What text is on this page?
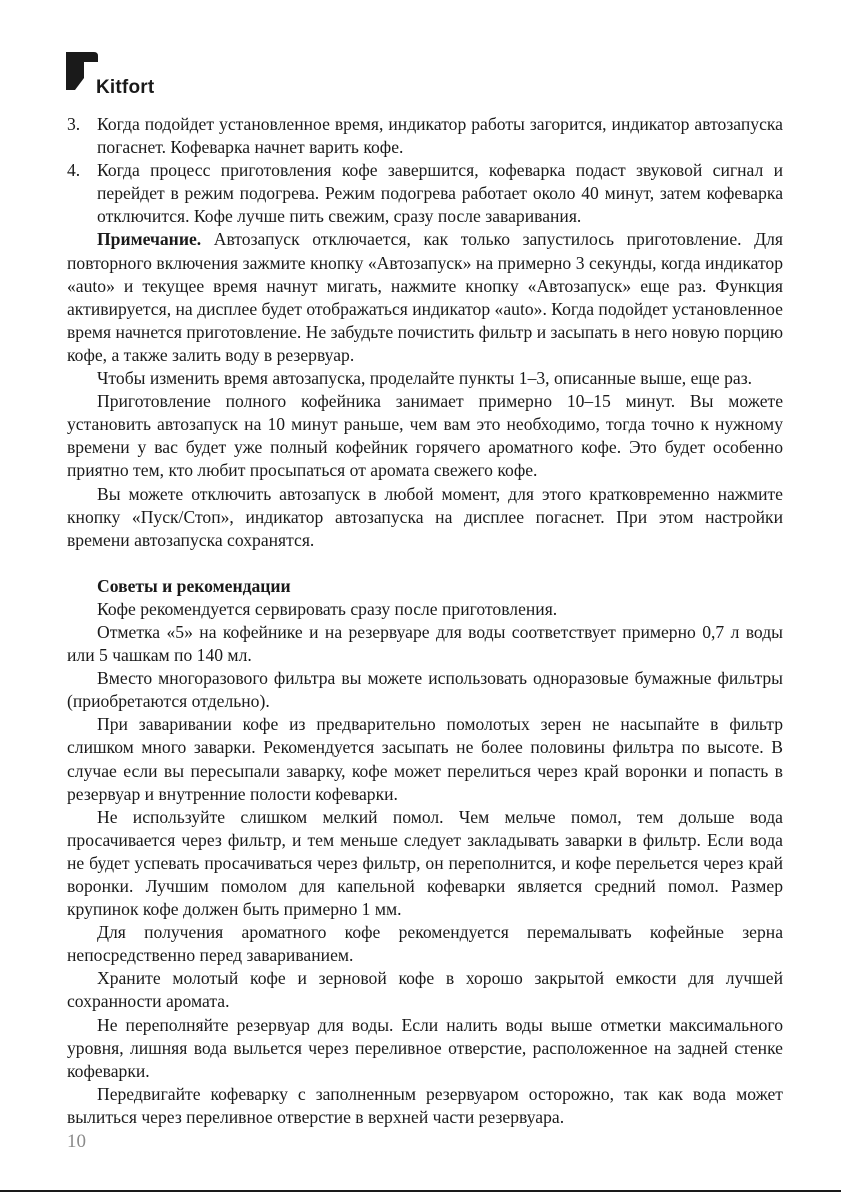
Kitfort

3. Когда подойдет установленное время, индикатор работы загорится, индикатор автозапуска погаснет. Кофеварка начнет варить кофе.

4. Когда процесс приготовления кофе завершится, кофеварка подаст звуковой сигнал и перейдет в режим подогрева. Режим подогрева работает около 40 минут, затем кофеварка отключится. Кофе лучше пить свежим, сразу после заваривания.

Примечание. Автозапуск отключается, как только запустилось приготовление. Для повторного включения зажмите кнопку «Автозапуск» на примерно 3 секунды, когда индикатор «auto» и текущее время начнут мигать, нажмите кнопку «Автозапуск» еще раз. Функция активируется, на дисплее будет отображаться индикатор «auto». Когда подойдет установленное время начнется приготовление. Не забудьте почистить фильтр и засыпать в него новую порцию кофе, а также залить воду в резервуар.

Чтобы изменить время автозапуска, проделайте пункты 1–3, описанные выше, еще раз.

Приготовление полного кофейника занимает примерно 10–15 минут. Вы можете установить автозапуск на 10 минут раньше, чем вам это необходимо, тогда точно к нужному времени у вас будет уже полный кофейник горячего ароматного кофе. Это будет особенно приятно тем, кто любит просыпаться от аромата свежего кофе.

Вы можете отключить автозапуск в любой момент, для этого кратковременно нажмите кнопку «Пуск/Стоп», индикатор автозапуска на дисплее погаснет. При этом настройки времени автозапуска сохранятся.

Советы и рекомендации

Кофе рекомендуется сервировать сразу после приготовления.

Отметка «5» на кофейнике и на резервуаре для воды соответствует примерно 0,7 л воды или 5 чашкам по 140 мл.

Вместо многоразового фильтра вы можете использовать одноразовые бумажные фильтры (приобретаются отдельно).

При заваривании кофе из предварительно помолотых зерен не насыпайте в фильтр слишком много заварки. Рекомендуется засыпать не более половины фильтра по высоте. В случае если вы пересыпали заварку, кофе может перелиться через край воронки и попасть в резервуар и внутренние полости кофеварки.

Не используйте слишком мелкий помол. Чем мельче помол, тем дольше вода просачивается через фильтр, и тем меньше следует закладывать заварки в фильтр. Если вода не будет успевать просачиваться через фильтр, он переполнится, и кофе перельется через край воронки. Лучшим помолом для капельной кофеварки является средний помол. Размер крупинок кофе должен быть примерно 1 мм.

Для получения ароматного кофе рекомендуется перемалывать кофейные зерна непосредственно перед завариванием.

Храните молотый кофе и зерновой кофе в хорошо закрытой емкости для лучшей сохранности аромата.

Не переполняйте резервуар для воды. Если налить воды выше отметки максимального уровня, лишняя вода выльется через переливное отверстие, расположенное на задней стенке кофеварки.

Передвигайте кофеварку с заполненным резервуаром осторожно, так как вода может вылиться через переливное отверстие в верхней части резервуара.

10
